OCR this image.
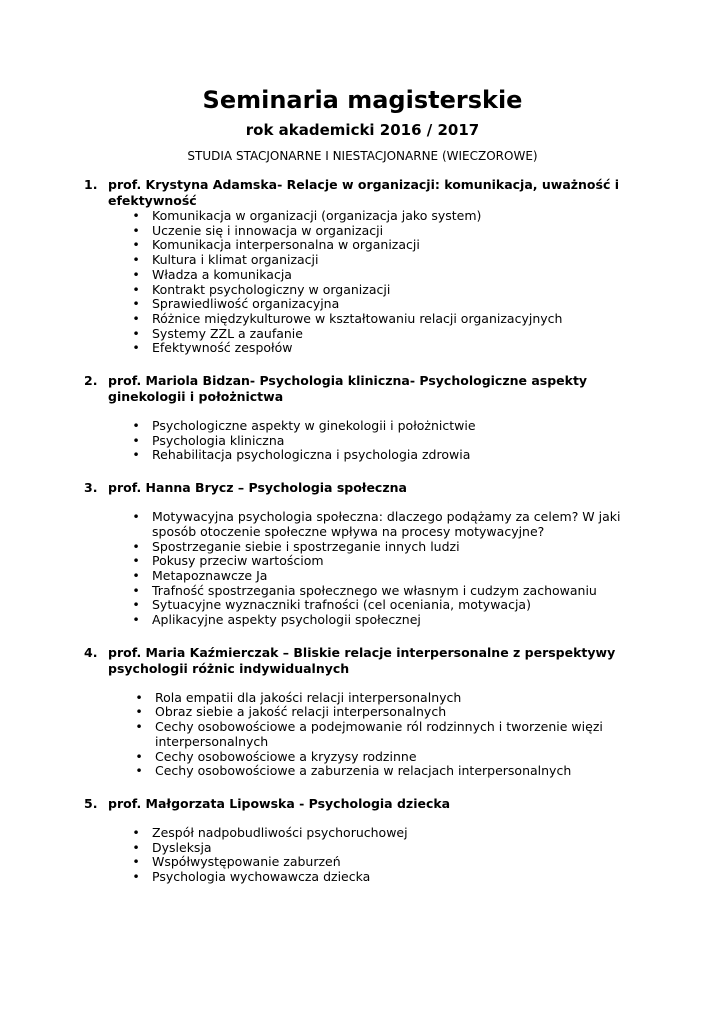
Seminaria magisterskie
rok akademicki 2016 / 2017
STUDIA STACJONARNE I NIESTACJONARNE (WIECZOROWE)
1. prof. Krystyna Adamska- Relacje w organizacji: komunikacja, uważność i efektywność
• Komunikacja w organizacji (organizacja jako system)
• Uczenie się i innowacja w organizacji
• Komunikacja interpersonalna w organizacji
• Kultura i klimat organizacji
• Władza a komunikacja
• Kontrakt psychologiczny w organizacji
• Sprawiedliwość organizacyjna
• Różnice międzykulturowe w kształtowaniu relacji organizacyjnych
• Systemy ZZL a zaufanie
• Efektywność zespołów
2. prof. Mariola Bidzan- Psychologia kliniczna- Psychologiczne aspekty ginekologii i położnictwa
• Psychologiczne aspekty w ginekologii i położnictwie
• Psychologia kliniczna
• Rehabilitacja psychologiczna i psychologia zdrowia
3. prof. Hanna Brycz – Psychologia społeczna
• Motywacyjna psychologia społeczna: dlaczego podążamy za celem? W jaki sposób otoczenie społeczne wpływa na procesy motywacyjne?
• Spostrzeganie siebie i spostrzeganie innych ludzi
• Pokusy przeciw wartościom
• Metapoznawcze Ja
• Trafność spostrzegania społecznego we własnym i cudzym zachowaniu
• Sytuacyjne wyznaczniki trafności (cel oceniania, motywacja)
• Aplikacyjne aspekty psychologii społecznej
4. prof. Maria Kaźmierczak – Bliskie relacje interpersonalne z perspektywy psychologii różnic indywidualnych
• Rola empatii dla jakości relacji interpersonalnych
• Obraz siebie a jakość relacji interpersonalnych
• Cechy osobowościowe a podejmowanie ról rodzinnych i tworzenie więzi interpersonalnych
• Cechy osobowościowe a kryzysy rodzinne
• Cechy osobowościowe a zaburzenia w relacjach interpersonalnych
5. prof. Małgorzata Lipowska - Psychologia dziecka
• Zespół nadpobudliwości psychoruchowej
• Dysleksja
• Współwystępowanie zaburzeń
• Psychologia wychowawcza dziecka
